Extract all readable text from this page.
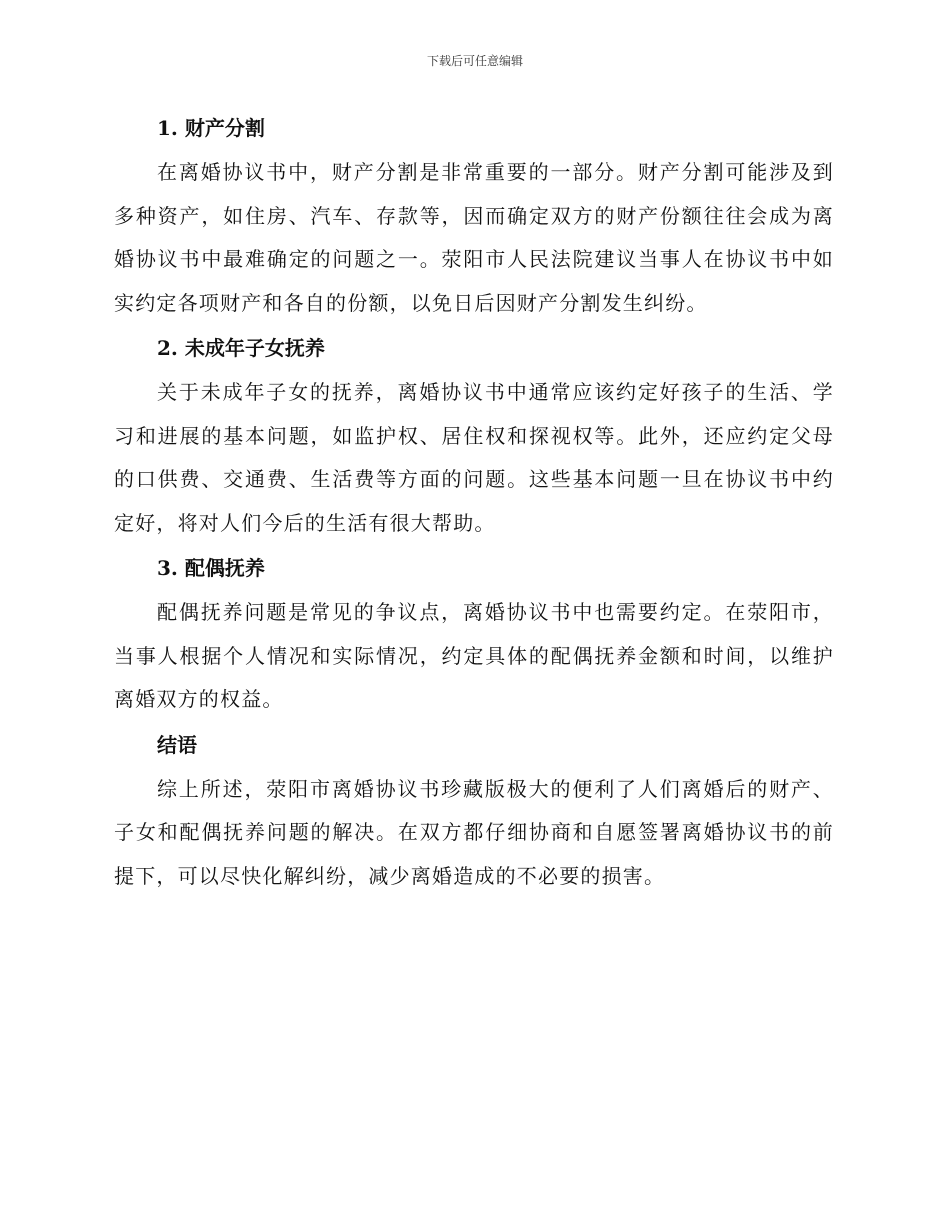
下载后可任意编辑

1. 财产分割

在离婚协议书中，财产分割是非常重要的一部分。财产分割可能涉及到多种资产，如住房、汽车、存款等，因而确定双方的财产份额往往会成为离婚协议书中最难确定的问题之一。荥阳市人民法院建议当事人在协议书中如实约定各项财产和各自的份额，以免日后因财产分割发生纠纷。

2. 未成年子女抚养

关于未成年子女的抚养，离婚协议书中通常应该约定好孩子的生活、学习和进展的基本问题，如监护权、居住权和探视权等。此外，还应约定父母的口供费、交通费、生活费等方面的问题。这些基本问题一旦在协议书中约定好，将对人们今后的生活有很大帮助。

3. 配偶抚养

配偶抚养问题是常见的争议点，离婚协议书中也需要约定。在荥阳市，当事人根据个人情况和实际情况，约定具体的配偶抚养金额和时间，以维护离婚双方的权益。

结语

综上所述，荥阳市离婚协议书珍藏版极大的便利了人们离婚后的财产、子女和配偶抚养问题的解决。在双方都仔细协商和自愿签署离婚协议书的前提下，可以尽快化解纠纷，减少离婚造成的不必要的损害。
